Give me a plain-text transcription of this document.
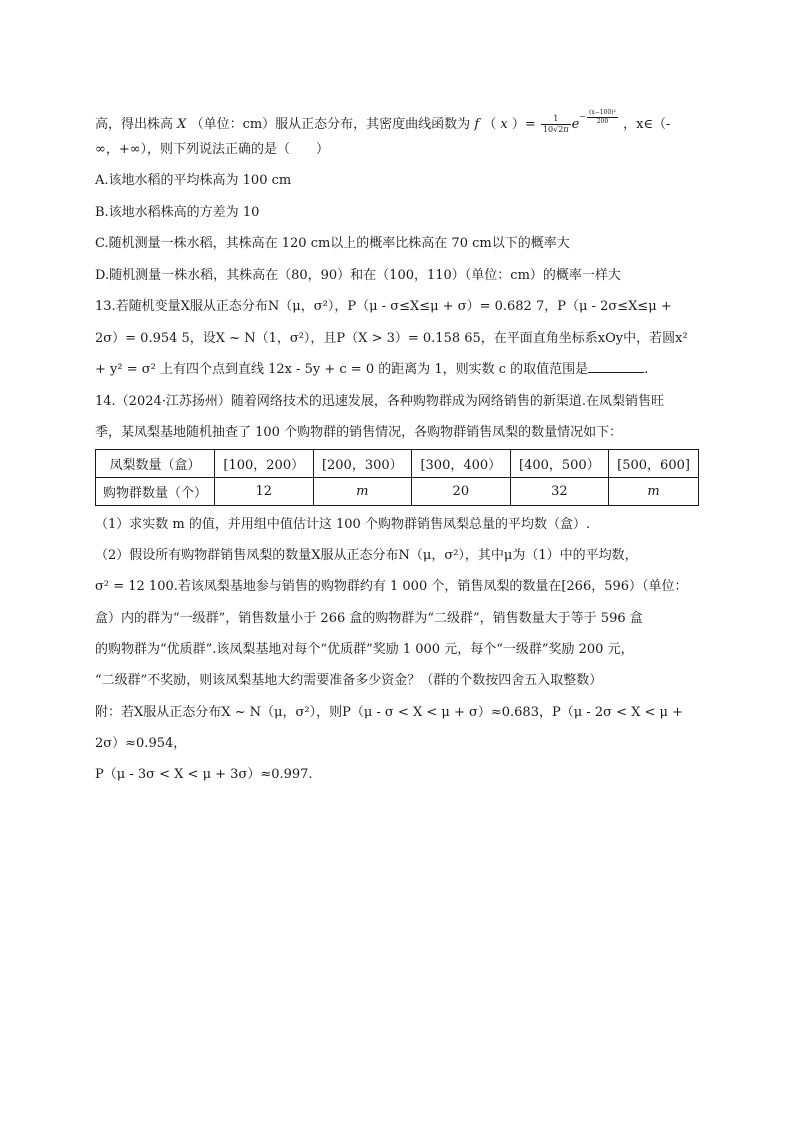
高，得出株高 X （单位：cm）服从正态分布，其密度曲线函数为 f （ x ）= $\frac{1}{10√2\pi} e^{- \frac{\text{(x−100)²}}{200}}$ ，x∈（-
∞，+∞），则下列说法正确的是（　　）
A.该地水稻的平均株高为 100 cm
B.该地水稻株高的方差为 10
C.随机测量一株水稻，其株高在 120 cm以上的概率比株高在 70 cm以下的概率大
D.随机测量一株水稻，其株高在（80，90）和在（100，110）（单位：cm）的概率一样大
13.若随机变量X服从正态分布N（μ，σ²），P（μ - σ≤X≤μ + σ）= 0.682 7，P（μ - 2σ≤X≤μ +
2σ）= 0.954 5，设X ~ N（1，σ²），且P（X > 3）= 0.158 65，在平面直角坐标系xOy中，若圆x²
+ y² = σ² 上有四个点到直线 12x - 5y + c = 0 的距离为 1，则实数 c 的取值范围是	.
14.（2024·江苏扬州）随着网络技术的迅速发展，各种购物群成为网络销售的新渠道.在凤梨销售旺
季，某凤梨基地随机抽查了 100 个购物群的销售情况，各购物群销售凤梨的数量情况如下：
凤梨数量（盒）	[100，200）	[200，300）	[300，400）	[400，500）	[500，600]
购物群数量（个）	12	m	20	32	m
（1）求实数 m 的值，并用组中值估计这 100 个购物群销售凤梨总量的平均数（盒）.
（2）假设所有购物群销售凤梨的数量X服从正态分布N（μ，σ²），其中μ为（1）中的平均数，
σ² = 12 100.若该凤梨基地参与销售的购物群约有 1 000 个，销售凤梨的数量在[266，596）（单位：
盒）内的群为“一级群”，销售数量小于 266 盒的购物群为“二级群”，销售数量大于等于 596 盒
的购物群为“优质群”.该凤梨基地对每个“优质群”奖励 1 000 元，每个“一级群”奖励 200 元，
“二级群”不奖励，则该凤梨基地大约需要准备多少资金？（群的个数按四舍五入取整数）
附：若X服从正态分布X ~ N（μ，σ²），则P（μ - σ < X < μ + σ）≈0.683，P（μ - 2σ < X < μ +
2σ）≈0.954，
P（μ - 3σ < X < μ + 3σ）≈0.997.
